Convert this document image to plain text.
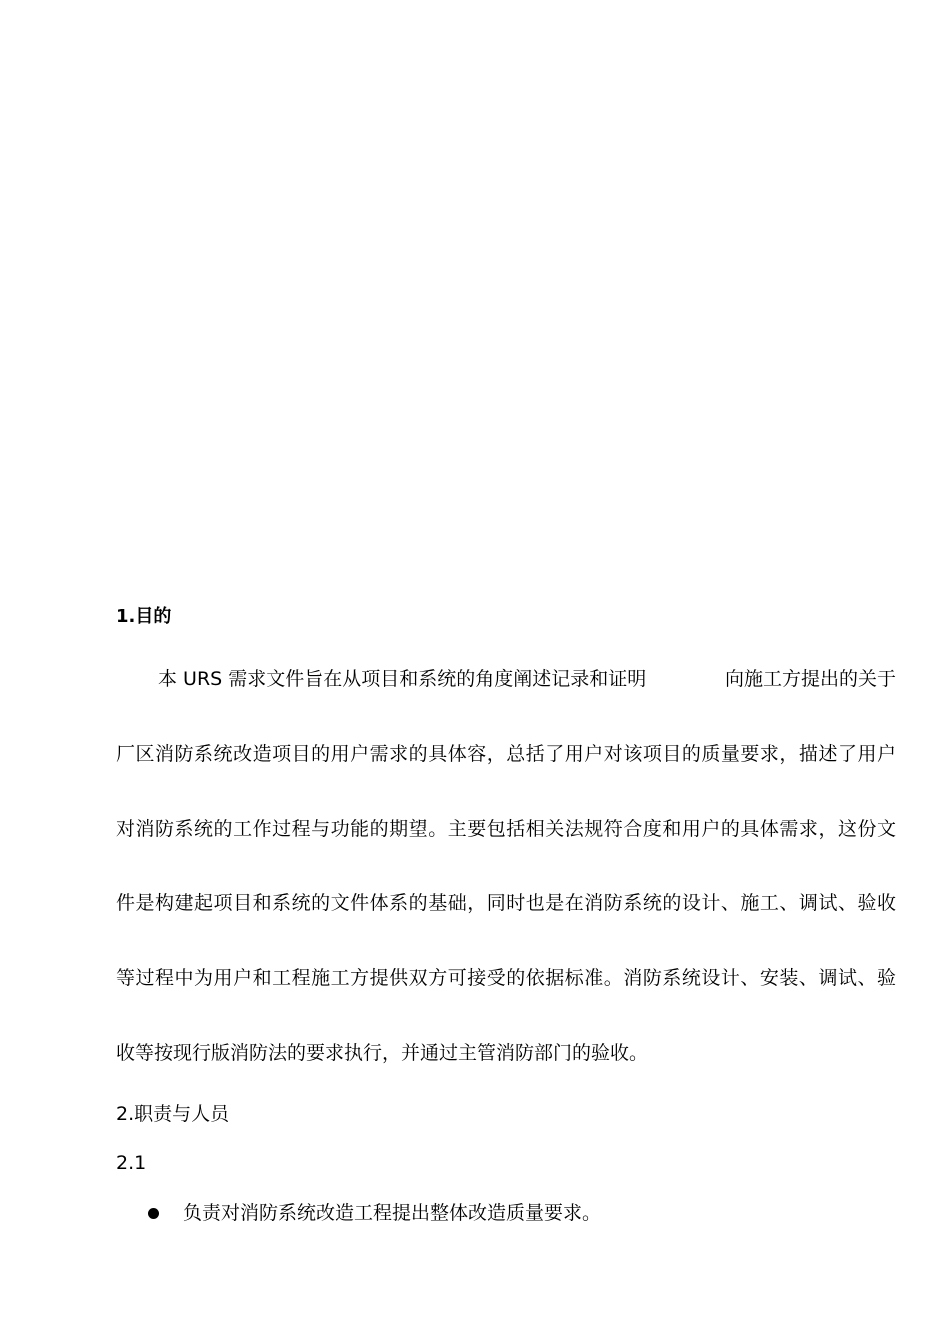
1.目的
本 URS 需求文件旨在从项目和系统的角度阐述记录和证明	向施工方提出的关于

厂区消防系统改造项目的用户需求的具体容，总括了用户对该项目的质量要求，描述了用户

对消防系统的工作过程与功能的期望。主要包括相关法规符合度和用户的具体需求，这份文

件是构建起项目和系统的文件体系的基础，同时也是在消防系统的设计、施工、调试、验收

等过程中为用户和工程施工方提供双方可接受的依据标准。消防系统设计、安装、调试、验

收等按现行版消防法的要求执行，并通过主管消防部门的验收。

2.职责与人员

2.1

负责对消防系统改造工程提出整体改造质量要求。
